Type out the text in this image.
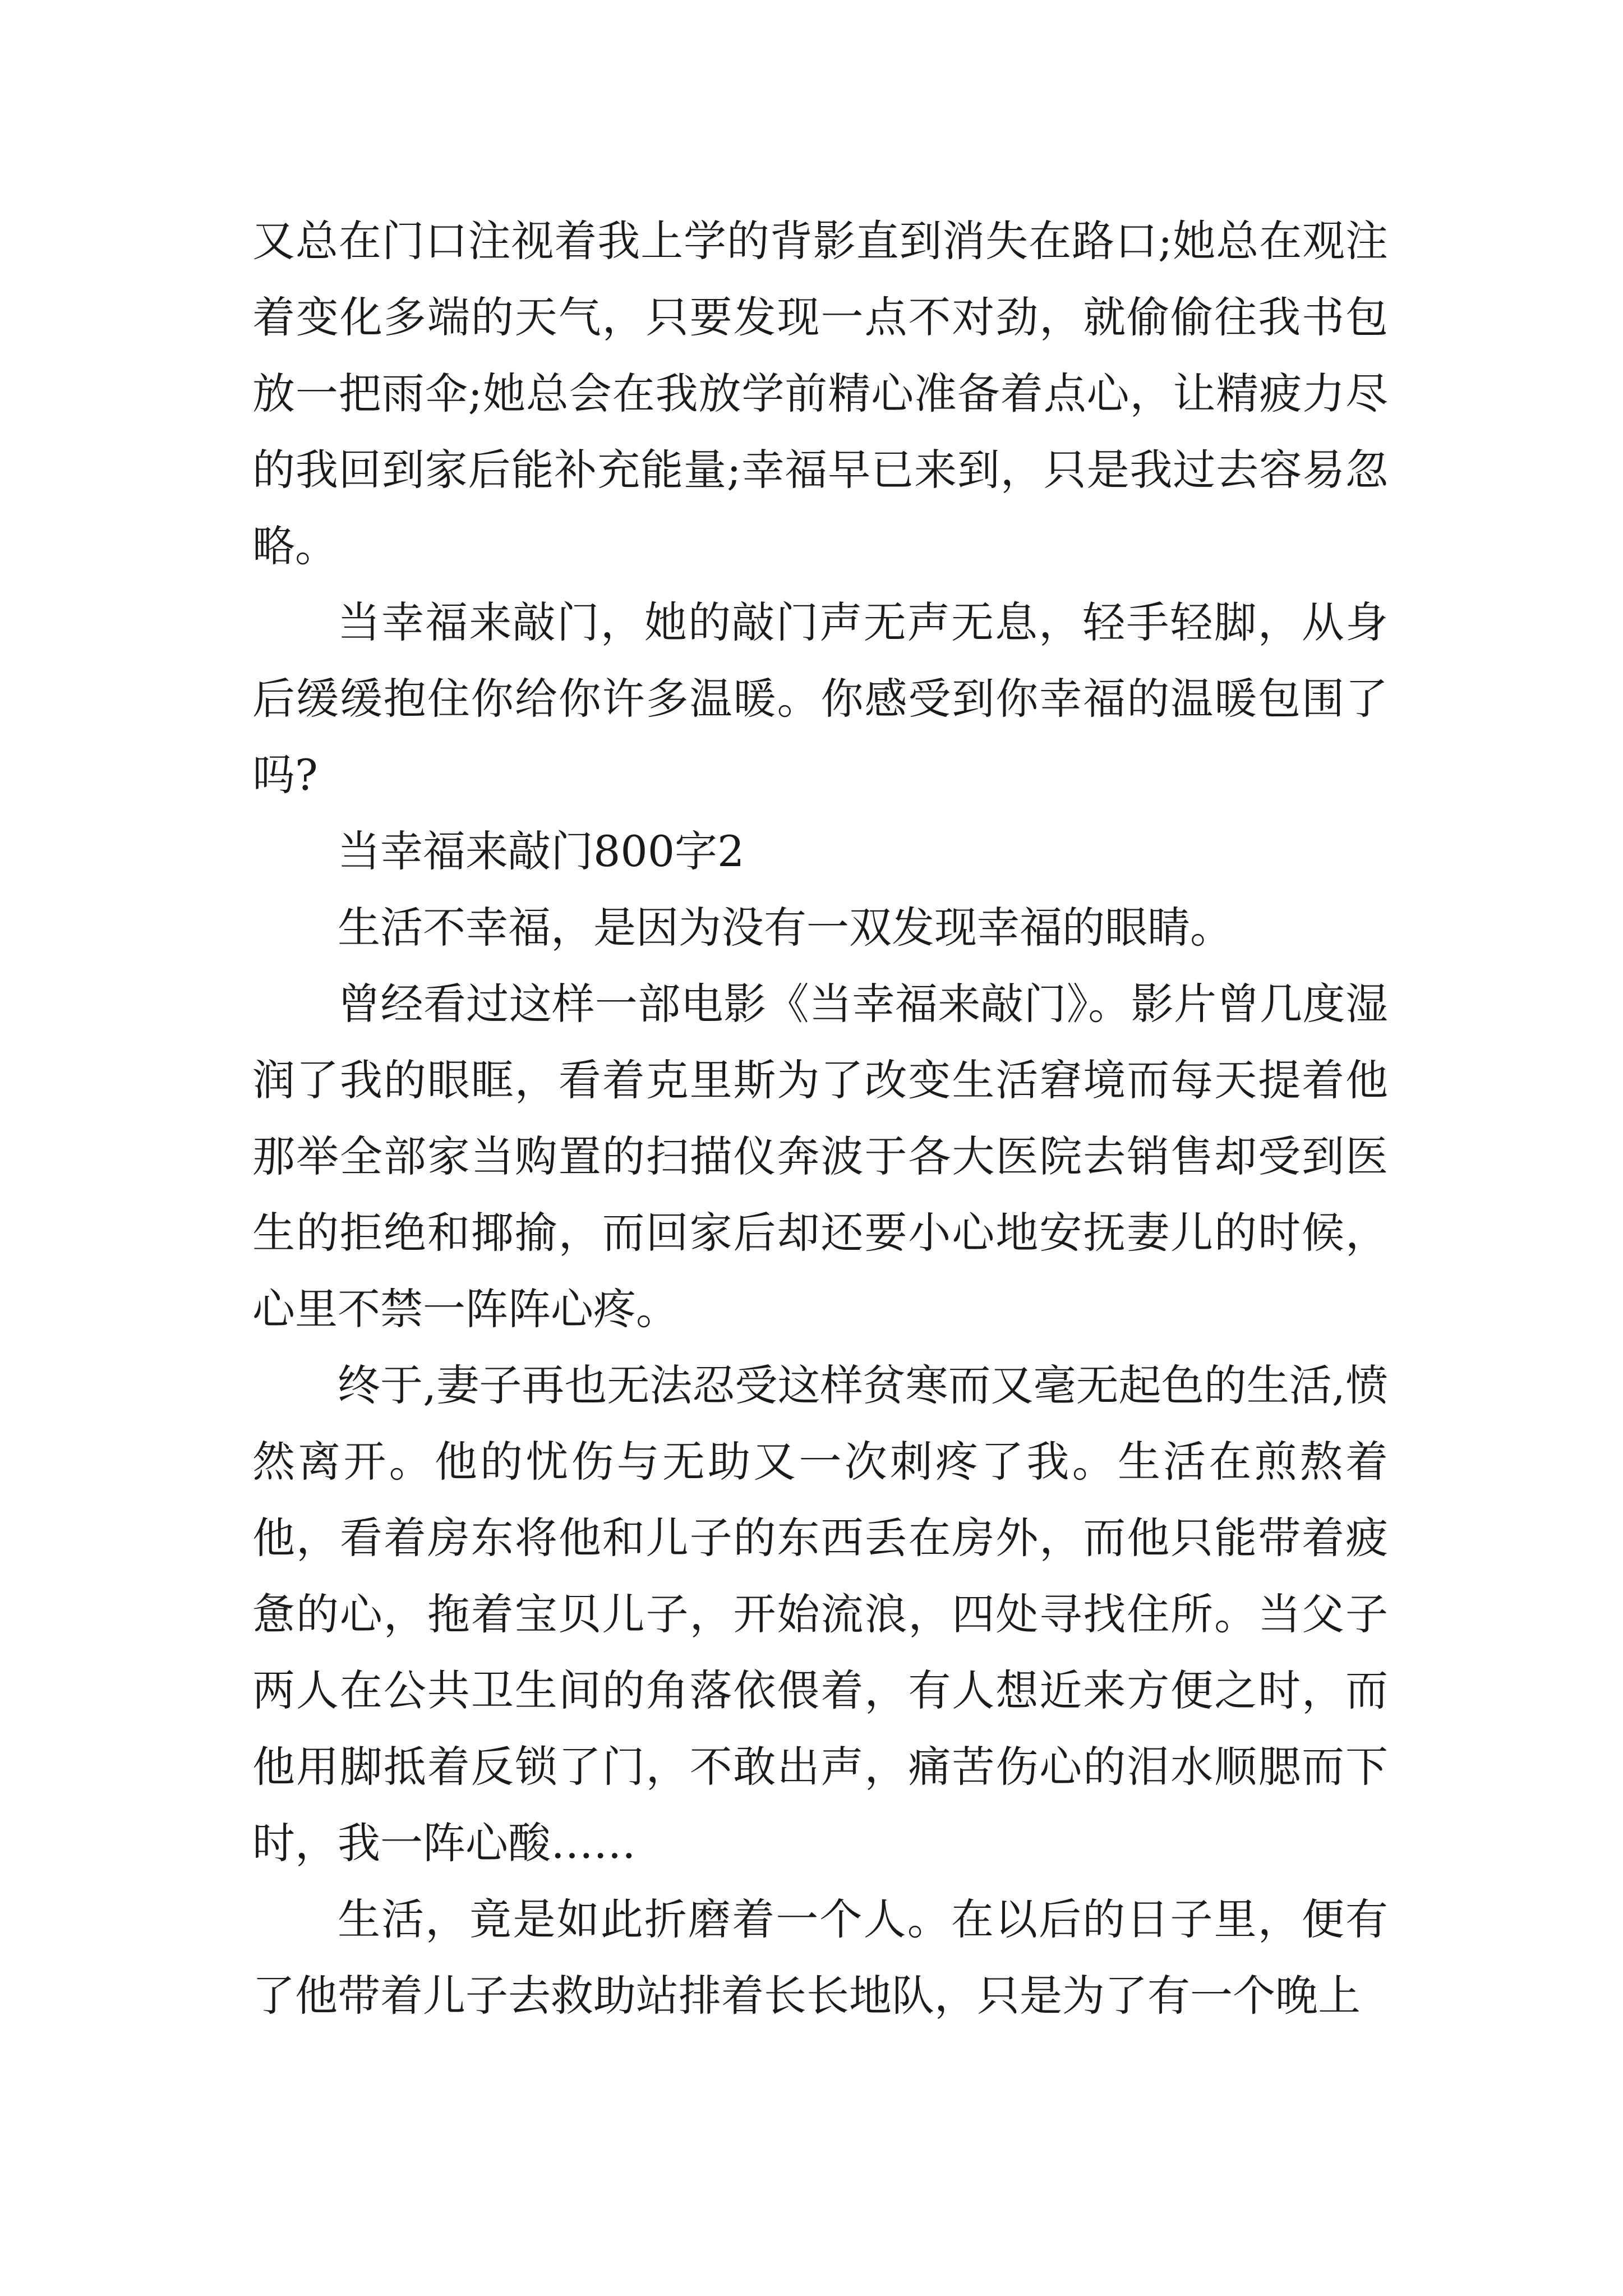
又总在门口注视着我上学的背影直到消失在路口;她总在观注着变化多端的天气，只要发现一点不对劲，就偷偷往我书包放一把雨伞;她总会在我放学前精心准备着点心，让精疲力尽的我回到家后能补充能量;幸福早已来到，只是我过去容易忽略。

当幸福来敲门，她的敲门声无声无息，轻手轻脚，从身后缓缓抱住你给你许多温暖。你感受到你幸福的温暖包围了吗?

当幸福来敲门800字2

生活不幸福，是因为没有一双发现幸福的眼睛。

曾经看过这样一部电影《当幸福来敲门》。影片曾几度湿润了我的眼眶，看着克里斯为了改变生活窘境而每天提着他那举全部家当购置的扫描仪奔波于各大医院去销售却受到医生的拒绝和揶揄，而回家后却还要小心地安抚妻儿的时候，心里不禁一阵阵心疼。

终于,妻子再也无法忍受这样贫寒而又毫无起色的生活,愤然离开。他的忧伤与无助又一次刺疼了我。生活在煎熬着他，看着房东将他和儿子的东西丢在房外，而他只能带着疲惫的心，拖着宝贝儿子，开始流浪，四处寻找住所。当父子两人在公共卫生间的角落依偎着，有人想近来方便之时，而他用脚抵着反锁了门，不敢出声，痛苦伤心的泪水顺腮而下时，我一阵心酸……

生活，竟是如此折磨着一个人。在以后的日子里，便有了他带着儿子去救助站排着长长地队，只是为了有一个晚上
